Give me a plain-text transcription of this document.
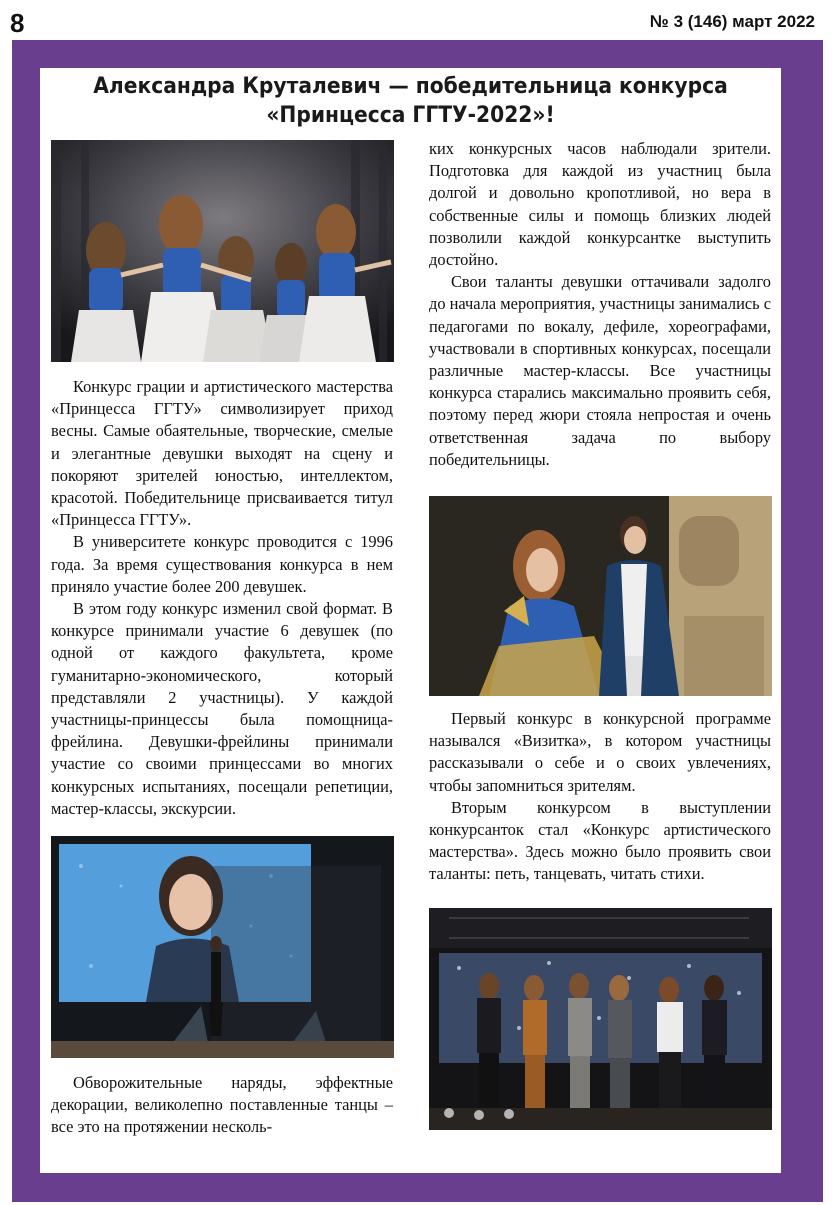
8	№ 3 (146) март 2022
Александра Круталевич — победительница конкурса
«Принцесса ГГТУ-2022»!

Конкурс грации и артистического мастерства «Принцесса ГГТУ» символизирует приход весны. Самые обаятельные, творческие, смелые и элегантные девушки выходят на сцену и покоряют зрителей юностью, интеллектом, красотой. Победительнице присваивается титул «Принцесса ГГТУ».

В университете конкурс проводится с 1996 года. За время существования конкурса в нем приняло участие более 200 девушек.

В этом году конкурс изменил свой формат. В конкурсе принимали участие 6 девушек (по одной от каждого факультета, кроме гуманитарно-экономического, который представляли 2 участницы). У каждой участницы-принцессы была помощница-фрейлина. Девушки-фрейлины принимали участие со своими принцессами во многих конкурсных испытаниях, посещали репетиции, мастер-классы, экскурсии.

Обворожительные наряды, эффектные декорации, великолепно поставленные танцы – все это на протяжении несколь-

ких конкурсных часов наблюдали зрители. Подготовка для каждой из участниц была долгой и довольно кропотливой, но вера в собственные силы и помощь близких людей позволили каждой конкурсантке выступить достойно.

Свои таланты девушки оттачивали задолго до начала мероприятия, участницы занимались с педагогами по вокалу, дефиле, хореографами, участвовали в спортивных конкурсах, посещали различные мастер-классы. Все участницы конкурса старались максимально проявить себя, поэтому перед жюри стояла непростая и очень ответственная задача по выбору победительницы.

Первый конкурс в конкурсной программе назывался «Визитка», в котором участницы рассказывали о себе и о своих увлечениях, чтобы запомниться зрителям.

Вторым конкурсом в выступлении конкурсанток стал «Конкурс артистического мастерства». Здесь можно было проявить свои таланты: петь, танцевать, читать стихи.
